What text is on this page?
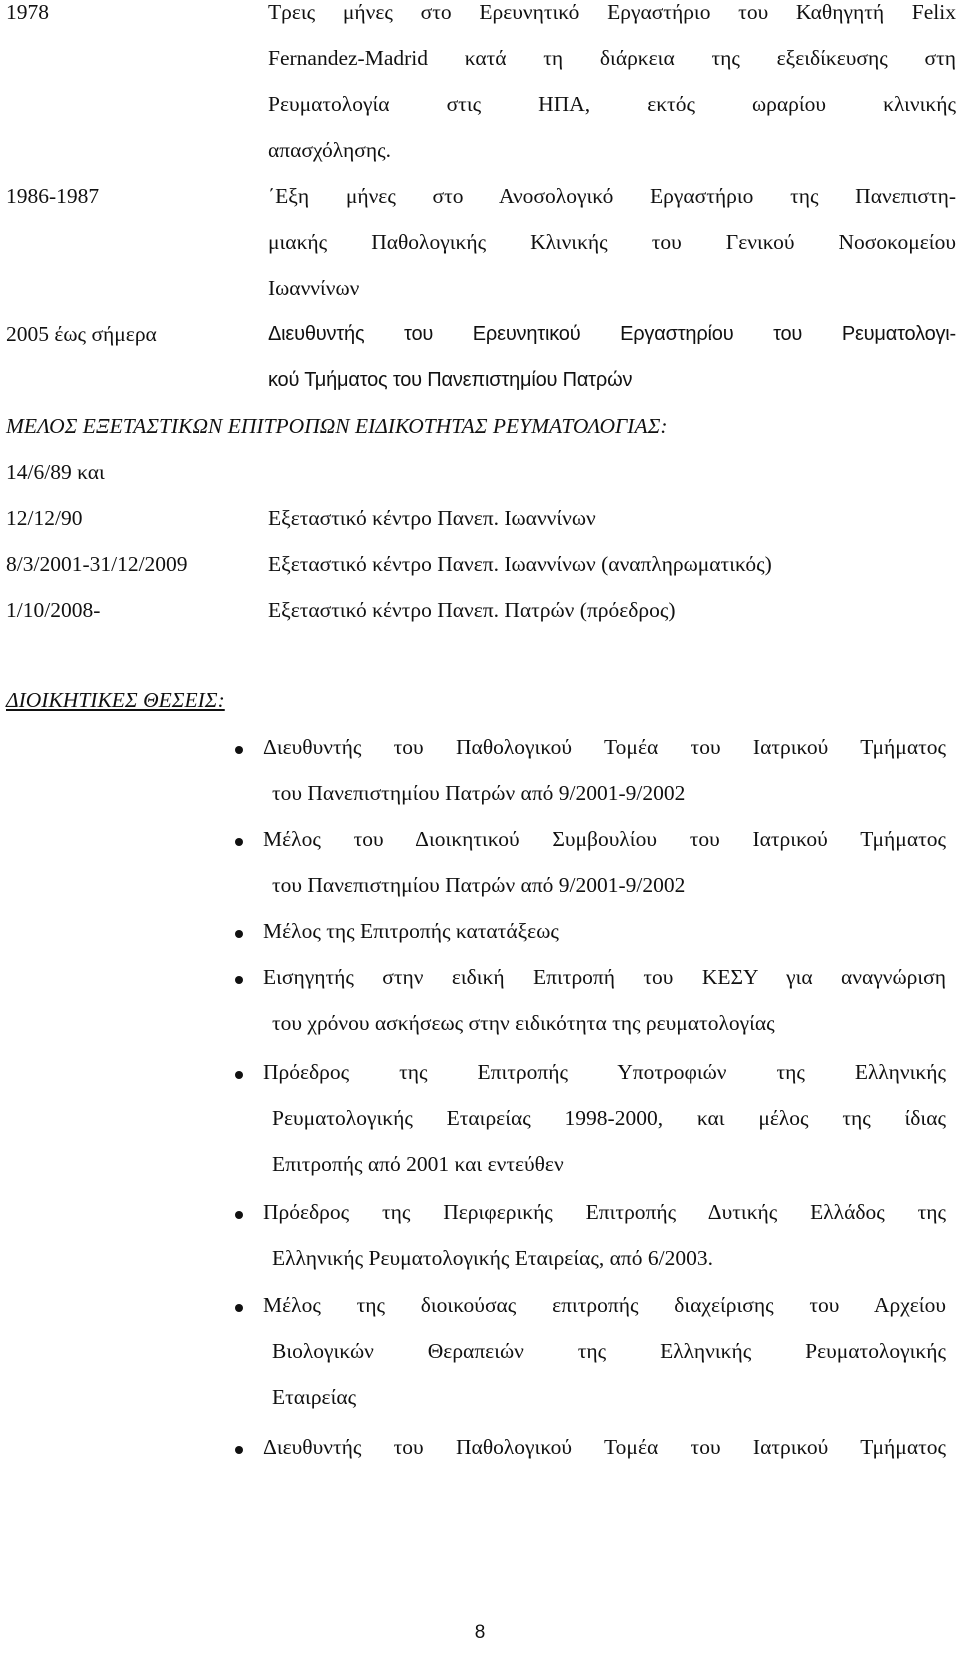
1978	Τρεις μήνες στο Ερευνητικό Εργαστήριο του Καθηγητή Felix
Fernandez-Madrid κατά τη διάρκεια της εξειδίκευσης στη
Ρευματολογία στις ΗΠΑ, εκτός ωραρίου κλινικής
απασχόλησης.
1986-1987	΄Εξη μήνες στο Ανοσολογικό Εργαστήριο της Πανεπιστη-
μιακής Παθολογικής Κλινικής του Γενικού Νοσοκομείου
Ιωαννίνων
2005 έως σήμερα	Διευθυντής του Ερευνητικού Εργαστηρίου του Ρευματολογι-
κού Τμήματος του Πανεπιστημίου Πατρών
ΜΕΛΟΣ ΕΞΕΤΑΣΤΙΚΩΝ ΕΠΙΤΡΟΠΩΝ ΕΙΔΙΚΟΤΗΤΑΣ ΡΕΥΜΑΤΟΛΟΓΙΑΣ:
14/6/89 και
12/12/90	Εξεταστικό κέντρο Πανεπ. Ιωαννίνων
8/3/2001-31/12/2009	Εξεταστικό κέντρο Πανεπ. Ιωαννίνων (αναπληρωματικός)
1/10/2008-	Εξεταστικό κέντρο Πανεπ. Πατρών (πρόεδρος)
ΔΙΟΙΚΗΤΙΚΕΣ ΘΕΣΕΙΣ:
Διευθυντής του Παθολογικού Τομέα του Ιατρικού Τμήματος
του Πανεπιστημίου Πατρών από 9/2001-9/2002
Μέλος του Διοικητικού Συμβουλίου του Ιατρικού Τμήματος
του Πανεπιστημίου Πατρών από 9/2001-9/2002
Μέλος της Επιτροπής κατατάξεως
Εισηγητής στην ειδική Επιτροπή του ΚΕΣΥ για αναγνώριση
του χρόνου ασκήσεως στην ειδικότητα της ρευματολογίας
Πρόεδρος της Επιτροπής Υποτροφιών της Ελληνικής
Ρευματολογικής Εταιρείας 1998-2000, και μέλος της ίδιας
Επιτροπής από 2001 και εντεύθεν
Πρόεδρος της Περιφερικής Επιτροπής Δυτικής Ελλάδος της
Ελληνικής Ρευματολογικής Εταιρείας, από 6/2003.
Μέλος της διοικούσας επιτροπής διαχείρισης του Αρχείου
Βιολογικών Θεραπειών της Ελληνικής Ρευματολογικής
Εταιρείας
Διευθυντής του Παθολογικού Τομέα του Ιατρικού Τμήματος
8
